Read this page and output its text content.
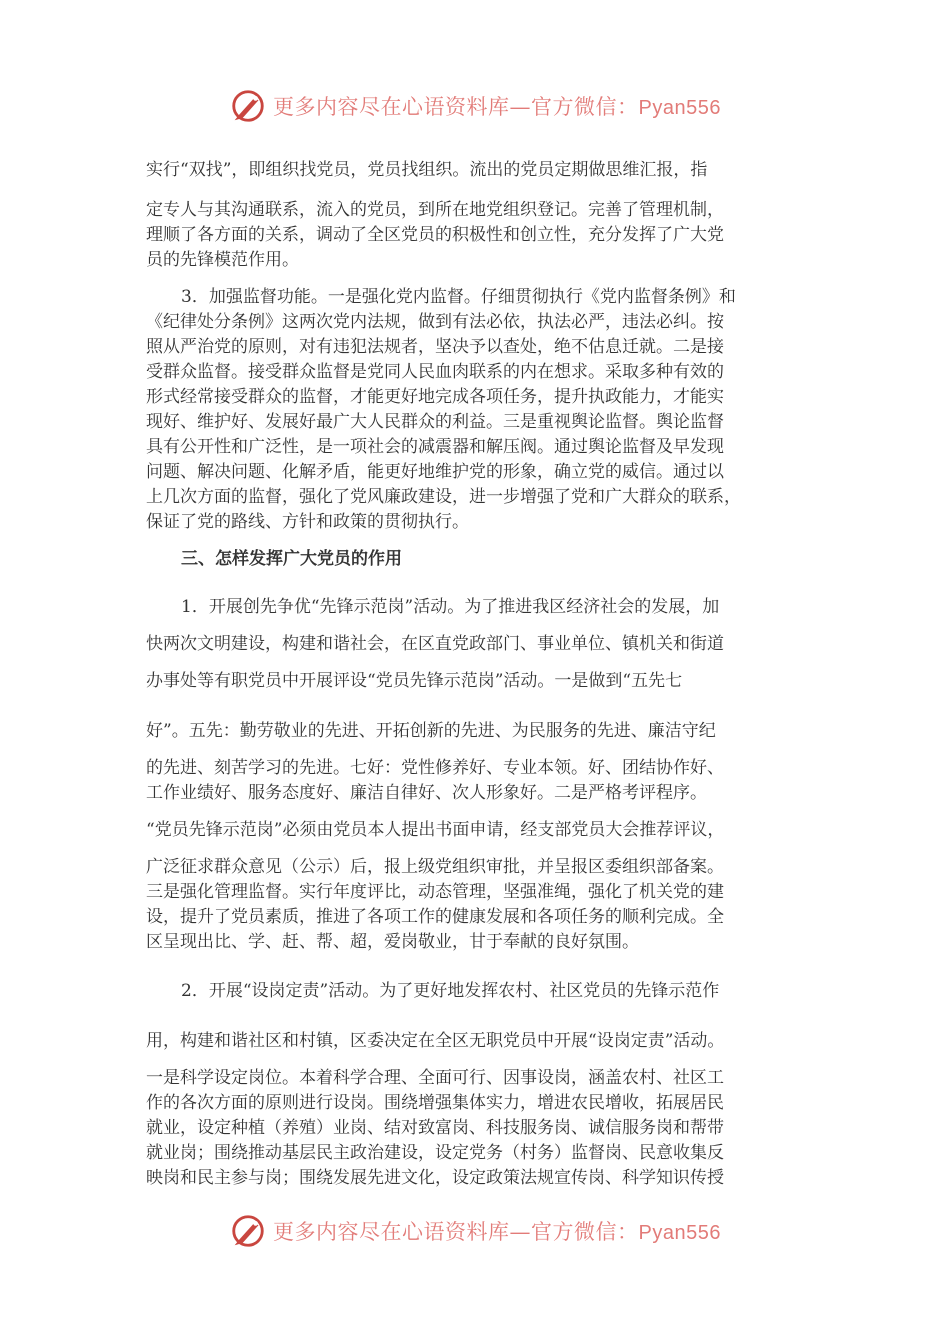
更多内容尽在心语资料库—官方微信：Pyan556
实行“双找”，即组织找党员，党员找组织。流出的党员定期做思维汇报，指
定专人与其沟通联系，流入的党员，到所在地党组织登记。完善了管理机制，
理顺了各方面的关系，调动了全区党员的积极性和创立性，充分发挥了广大党
员的先锋模范作用。
3．加强监督功能。一是强化党内监督。仔细贯彻执行《党内监督条例》和
《纪律处分条例》这两次党内法规，做到有法必依，执法必严，违法必纠。按
照从严治党的原则，对有违犯法规者，坚决予以查处，绝不估息迁就。二是接
受群众监督。接受群众监督是党同人民血肉联系的内在想求。采取多种有效的
形式经常接受群众的监督，才能更好地完成各项任务，提升执政能力，才能实
现好、维护好、发展好最广大人民群众的利益。三是重视舆论监督。舆论监督
具有公开性和广泛性，是一项社会的减震器和解压阀。通过舆论监督及早发现
问题、解决问题、化解矛盾，能更好地维护党的形象，确立党的威信。通过以
上几次方面的监督，强化了党风廉政建设，进一步增强了党和广大群众的联系，
保证了党的路线、方针和政策的贯彻执行。
三、怎样发挥广大党员的作用
1．开展创先争优“先锋示范岗”活动。为了推进我区经济社会的发展，加
快两次文明建设，构建和谐社会，在区直党政部门、事业单位、镇机关和街道
办事处等有职党员中开展评设“党员先锋示范岗”活动。一是做到“五先七
好”。五先：勤劳敬业的先进、开拓创新的先进、为民服务的先进、廉洁守纪
的先进、刻苦学习的先进。七好：党性修养好、专业本领。好、团结协作好、
工作业绩好、服务态度好、廉洁自律好、次人形象好。二是严格考评程序。
“党员先锋示范岗”必须由党员本人提出书面申请，经支部党员大会推荐评议，
广泛征求群众意见（公示）后，报上级党组织审批，并呈报区委组织部备案。
三是强化管理监督。实行年度评比，动态管理，坚强准绳，强化了机关党的建
设，提升了党员素质，推进了各项工作的健康发展和各项任务的顺利完成。全
区呈现出比、学、赶、帮、超，爱岗敬业，甘于奉献的良好氛围。
2．开展“设岗定责”活动。为了更好地发挥农村、社区党员的先锋示范作
用，构建和谐社区和村镇，区委决定在全区无职党员中开展“设岗定责”活动。
一是科学设定岗位。本着科学合理、全面可行、因事设岗，涵盖农村、社区工
作的各次方面的原则进行设岗。围绕增强集体实力，增进农民增收，拓展居民
就业，设定种植（养殖）业岗、结对致富岗、科技服务岗、诚信服务岗和帮带
就业岗；围绕推动基层民主政治建设，设定党务（村务）监督岗、民意收集反
映岗和民主参与岗；围绕发展先进文化，设定政策法规宣传岗、科学知识传授
更多内容尽在心语资料库—官方微信：Pyan556
